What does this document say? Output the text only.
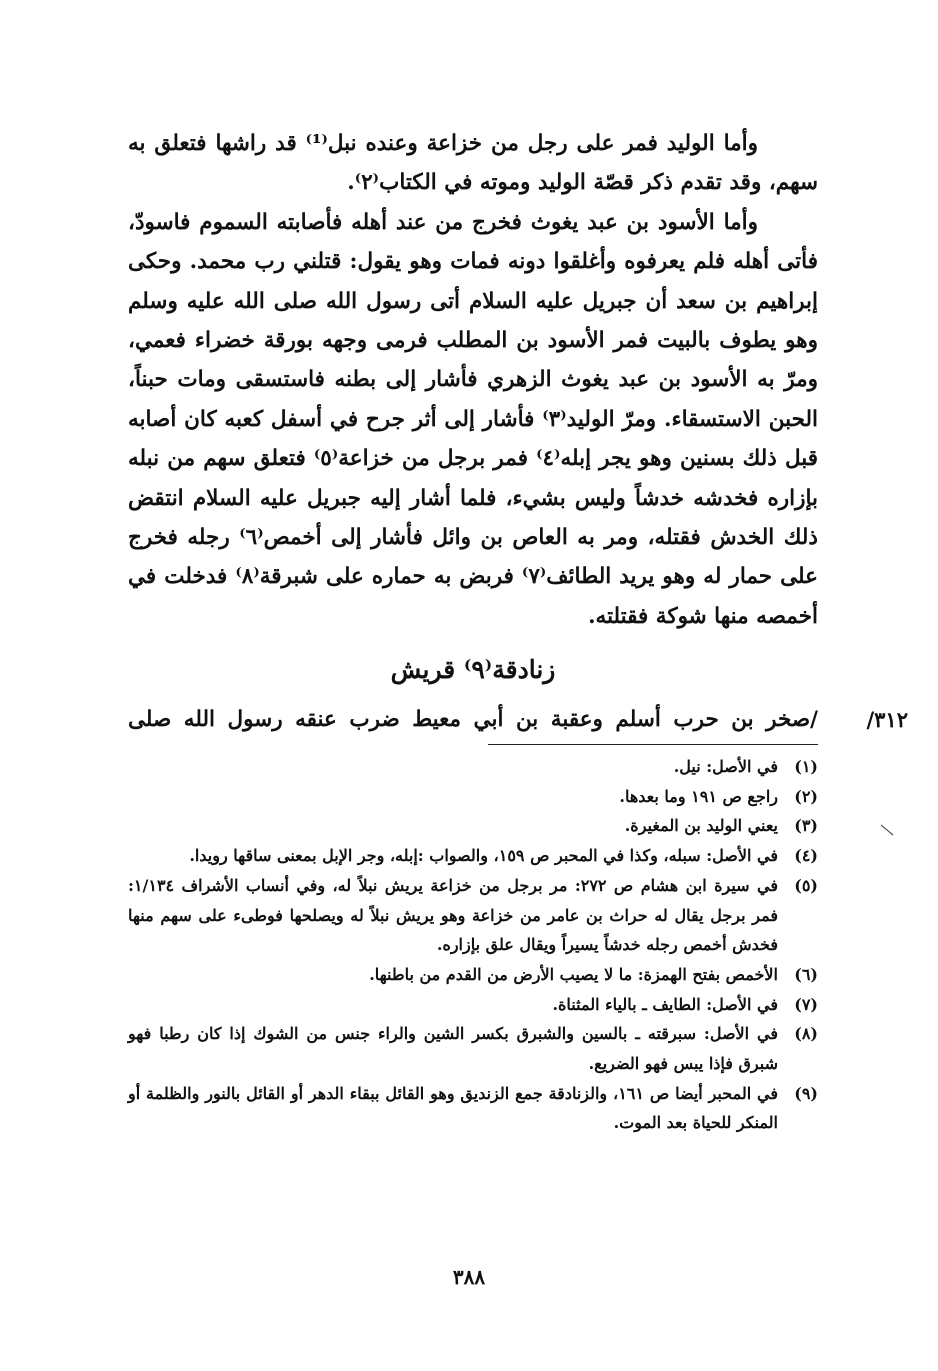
وأما الوليد فمر على رجل من خزاعة وعنده نبل⁽¹⁾ قد راشها فتعلق به سهم، وقد تقدم ذكر قصّة الوليد وموته في الكتاب⁽٢⁾.

وأما الأسود بن عبد يغوث فخرج من عند أهله فأصابته السموم فاسودّ، فأتى أهله فلم يعرفوه وأغلقوا دونه فمات وهو يقول: قتلني رب محمد. وحكى إبراهيم بن سعد أن جبريل عليه السلام أتى رسول الله صلى الله عليه وسلم وهو يطوف بالبيت فمر الأسود بن المطلب فرمى وجهه بورقة خضراء فعمي، ومرّ به الأسود بن عبد يغوث الزهري فأشار إلى بطنه فاستسقى ومات حبناً، الحبن الاستسقاء. ومرّ الوليد⁽٣⁾ فأشار إلى أثر جرح في أسفل كعبه كان أصابه قبل ذلك بسنين وهو يجر إبله⁽٤⁾ فمر برجل من خزاعة⁽٥⁾ فتعلق سهم من نبله بإزاره فخدشه خدشاً وليس بشيء، فلما أشار إليه جبريل عليه السلام انتقض ذلك الخدش فقتله، ومر به العاص بن وائل فأشار إلى أخمص⁽٦⁾ رجله فخرج على حمار له وهو يريد الطائف⁽٧⁾ فربض به حماره على شبرقة⁽٨⁾ فدخلت في أخمصه منها شوكة فقتلته.

زنادقة⁽٩⁾ قريش
٣١٢/
/صخر بن حرب أسلم وعقبة بن أبي معيط ضرب عنقه رسول الله صلى
(١)
في الأصل: نيل.
(٢)
راجع ص ١٩١ وما بعدها.
(٣)
يعني الوليد بن المغيرة.
(٤)
في الأصل: سبله، وكذا في المحبر ص ١٥٩، والصواب :إبله، وجر الإبل بمعنى ساقها رويدا.
(٥)
في سيرة ابن هشام ص ٢٧٢: مر برجل من خزاعة يريش نبلاً له، وفي أنساب الأشراف ١/١٣٤: فمر برجل يقال له حراث بن عامر من خزاعة وهو يريش نبلاً له ويصلحها فوطىء على سهم منها فخدش أخمص رجله خدشاً يسيراً ويقال علق بإزاره.
(٦)
الأخمص بفتح الهمزة: ما لا يصيب الأرض من القدم من باطنها.
(٧)
في الأصل: الطايف ـ بالياء المثناة.
(٨)
في الأصل: سبرقته ـ بالسين والشبرق بكسر الشين والراء جنس من الشوك إذا كان رطبا فهو شبرق فإذا يبس فهو الضريع.
(٩)
في المحبر أيضا ص ١٦١، والزنادقة جمع الزنديق وهو القائل ببقاء الدهر أو القائل بالنور والظلمة أو المنكر للحياة بعد الموت.
٣٨٨
